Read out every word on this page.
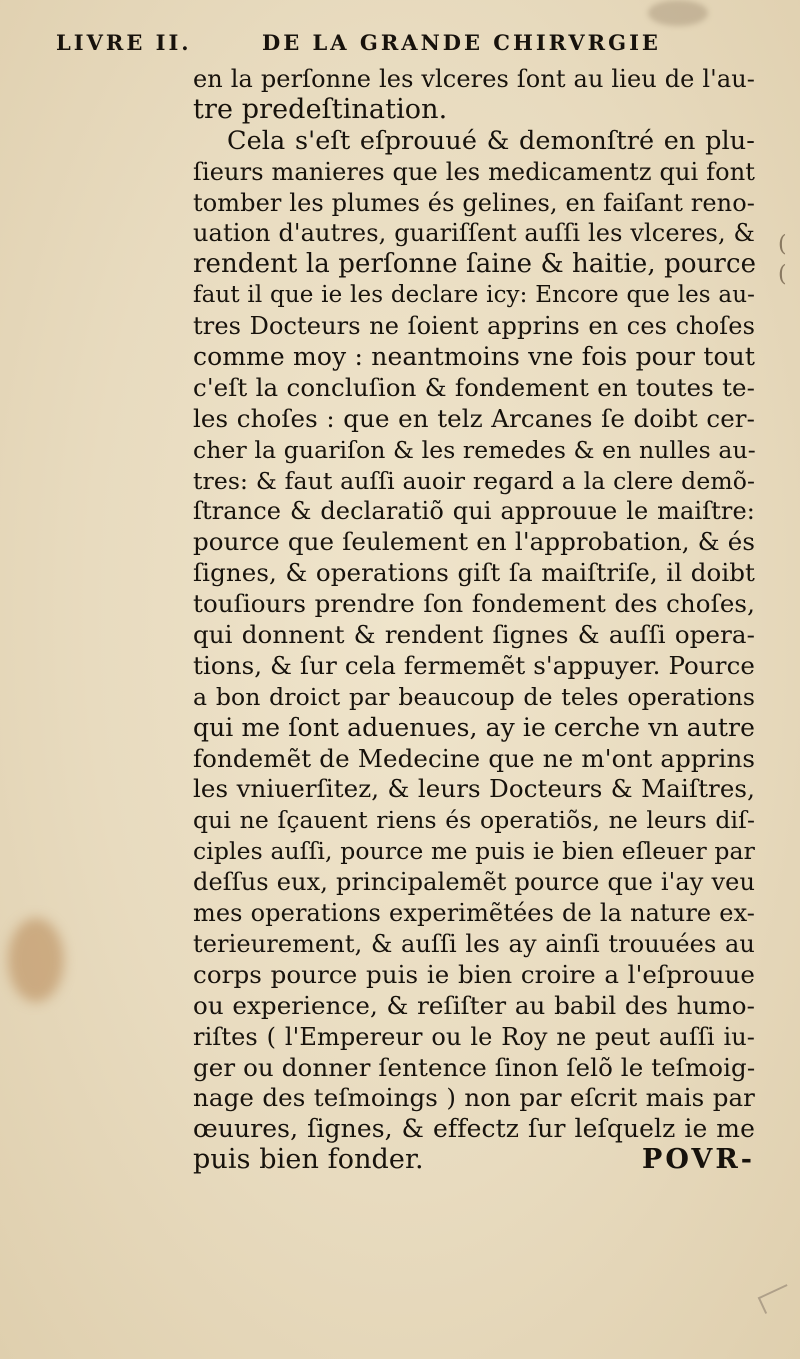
LIVRE II.	DE LA GRANDE CHIRVRGIE
en la perſonne les vlceres ſont au lieu de l'au-
tre predeſtination.
Cela s'eſt eſprouué & demonſtré en plu-
ſieurs manieres que les medicamentz qui font
tomber les plumes és gelines, en faiſant reno-
uation d'autres, guariſſent auſſi les vlceres, &
rendent la perſonne ſaine & haitie, pource
faut il que ie les declare icy: Encore que les au-
tres Docteurs ne ſoient apprins en ces choſes
comme moy : neantmoins vne fois pour tout
c'eſt la concluſion & fondement en toutes te-
les choſes : que en telz Arcanes ſe doibt cer-
cher la guariſon & les remedes & en nulles au-
tres: & faut auſſi auoir regard a la clere demõ-
ſtrance & declaratiõ qui approuue le maiſtre:
pource que ſeulement en l'approbation, & és
ſignes, & operations giſt ſa maiſtriſe, il doibt
touſiours prendre ſon fondement des choſes,
qui donnent & rendent ſignes & auſſi opera-
tions, & ſur cela fermemẽt s'appuyer. Pource
a bon droict par beaucoup de teles operations
qui me ſont aduenues, ay ie cerche vn autre
fondemẽt de Medecine que ne m'ont apprins
les vniuerſitez, & leurs Docteurs & Maiſtres,
qui ne ſçauent riens és operatiõs, ne leurs diſ-
ciples auſſi, pource me puis ie bien eſleuer par
deſſus eux, principalemẽt pource que i'ay veu
mes operations experimẽtées de la nature ex-
terieurement, & auſſi les ay ainſi trouuées au
corps pource puis ie bien croire a l'eſprouue
ou experience, & reſiſter au babil des humo-
riſtes ( l'Empereur ou le Roy ne peut auſſi iu-
ger ou donner ſentence ſinon ſelõ le teſmoig-
nage des teſmoings ) non par eſcrit mais par
œuures, ſignes, & effectz ſur leſquelz ie me
puis bien fonder.	POVR-
(
(
